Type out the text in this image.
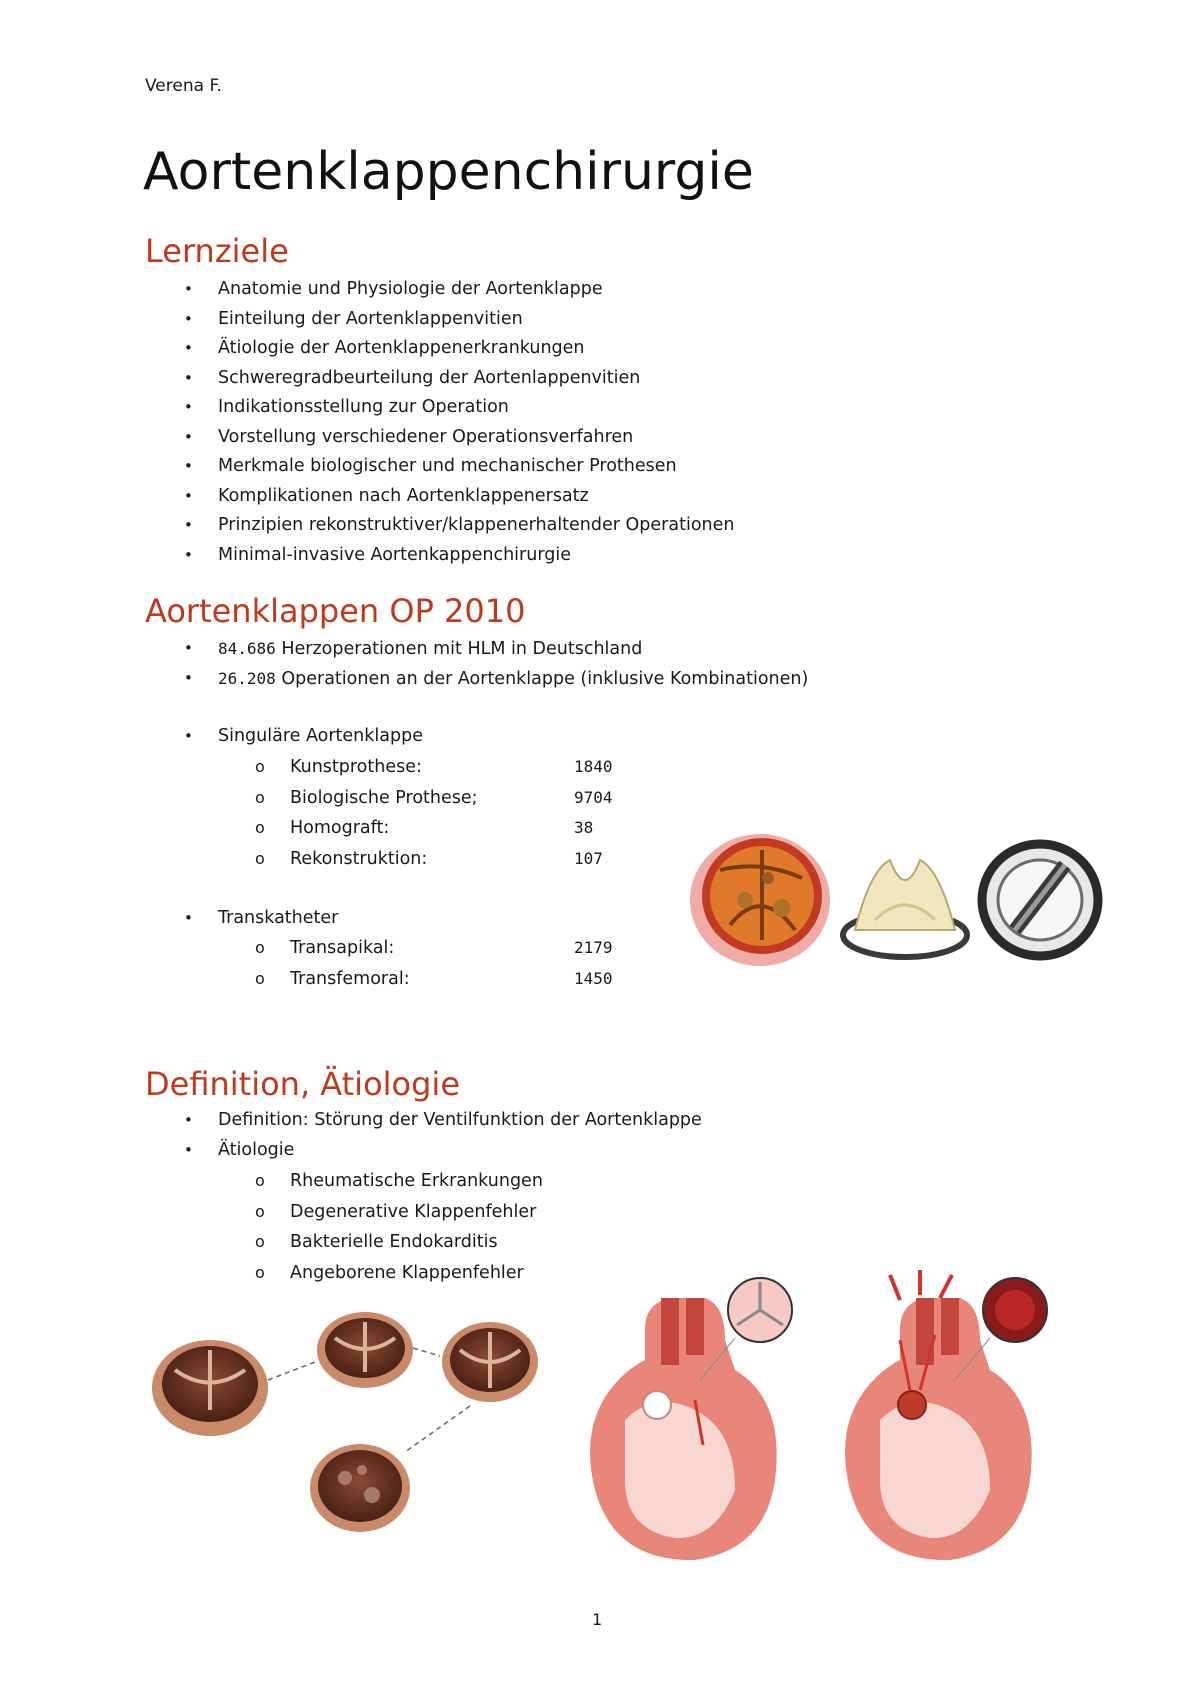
Verena F.
Aortenklappenchirurgie
Lernziele
• Anatomie und Physiologie der Aortenklappe
• Einteilung der Aortenklappenvitien
• Ätiologie der Aortenklappenerkrankungen
• Schweregradbeurteilung der Aortenlappenvitien
• Indikationsstellung zur Operation
• Vorstellung verschiedener Operationsverfahren
• Merkmale biologischer und mechanischer Prothesen
• Komplikationen nach Aortenklappenersatz
• Prinzipien rekonstruktiver/klappenerhaltender Operationen
• Minimal-invasive Aortenkappenchirurgie
Aortenklappen OP 2010
• 84.686 Herzoperationen mit HLM in Deutschland
• 26.208 Operationen an der Aortenklappe (inklusive Kombinationen)
• Singuläre Aortenklappe
o Kunstprothese:	1840
o Biologische Prothese;	9704
o Homograft:	38
o Rekonstruktion:	107
• Transkatheter
o Transapikal:	2179
o Transfemoral:	1450
Definition, Ätiologie
• Definition: Störung der Ventilfunktion der Aortenklappe
• Ätiologie
o Rheumatische Erkrankungen
o Degenerative Klappenfehler
o Bakterielle Endokarditis
o Angeborene Klappenfehler
1
